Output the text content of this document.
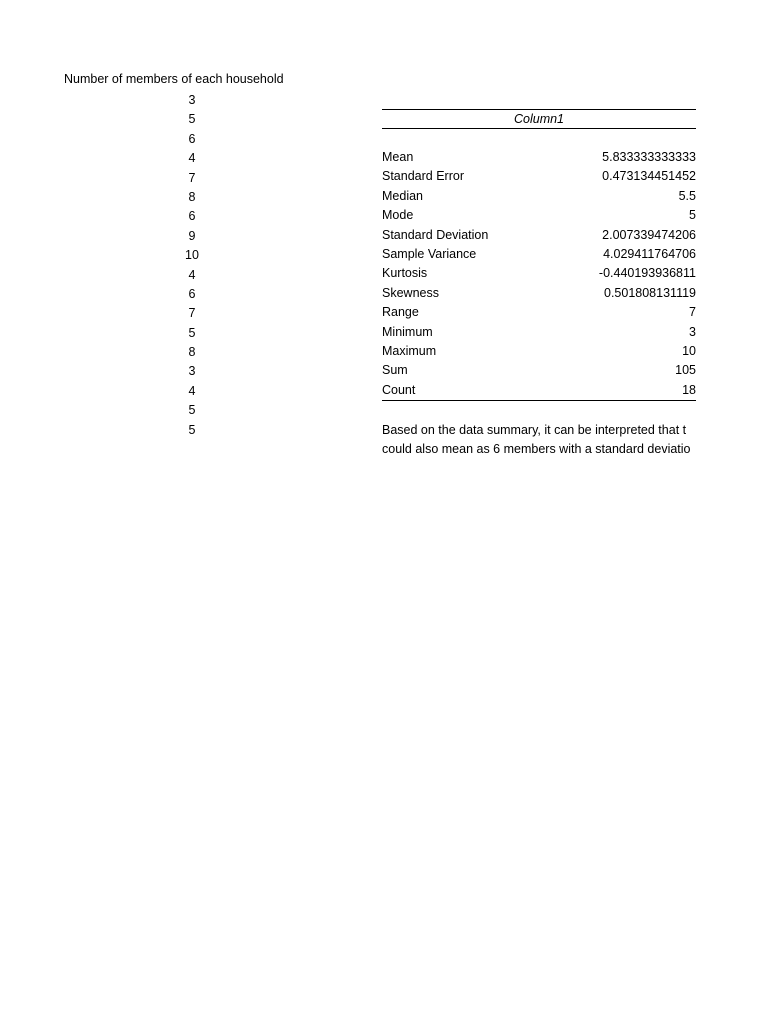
Number of members of each household
3
5
6
4
7
8
6
9
10
4
6
7
5
8
3
4
5
5
Column1
Mean	5.833333333333
Standard Error	0.473134451452
Median	5.5
Mode	5
Standard Deviation	2.007339474206
Sample Variance	4.029411764706
Kurtosis	-0.440193936811
Skewness	0.501808131119
Range	7
Minimum	3
Maximum	10
Sum	105
Count	18
Based on the data summary, it can be interpreted that t
could also mean as 6 members with a standard deviatio
